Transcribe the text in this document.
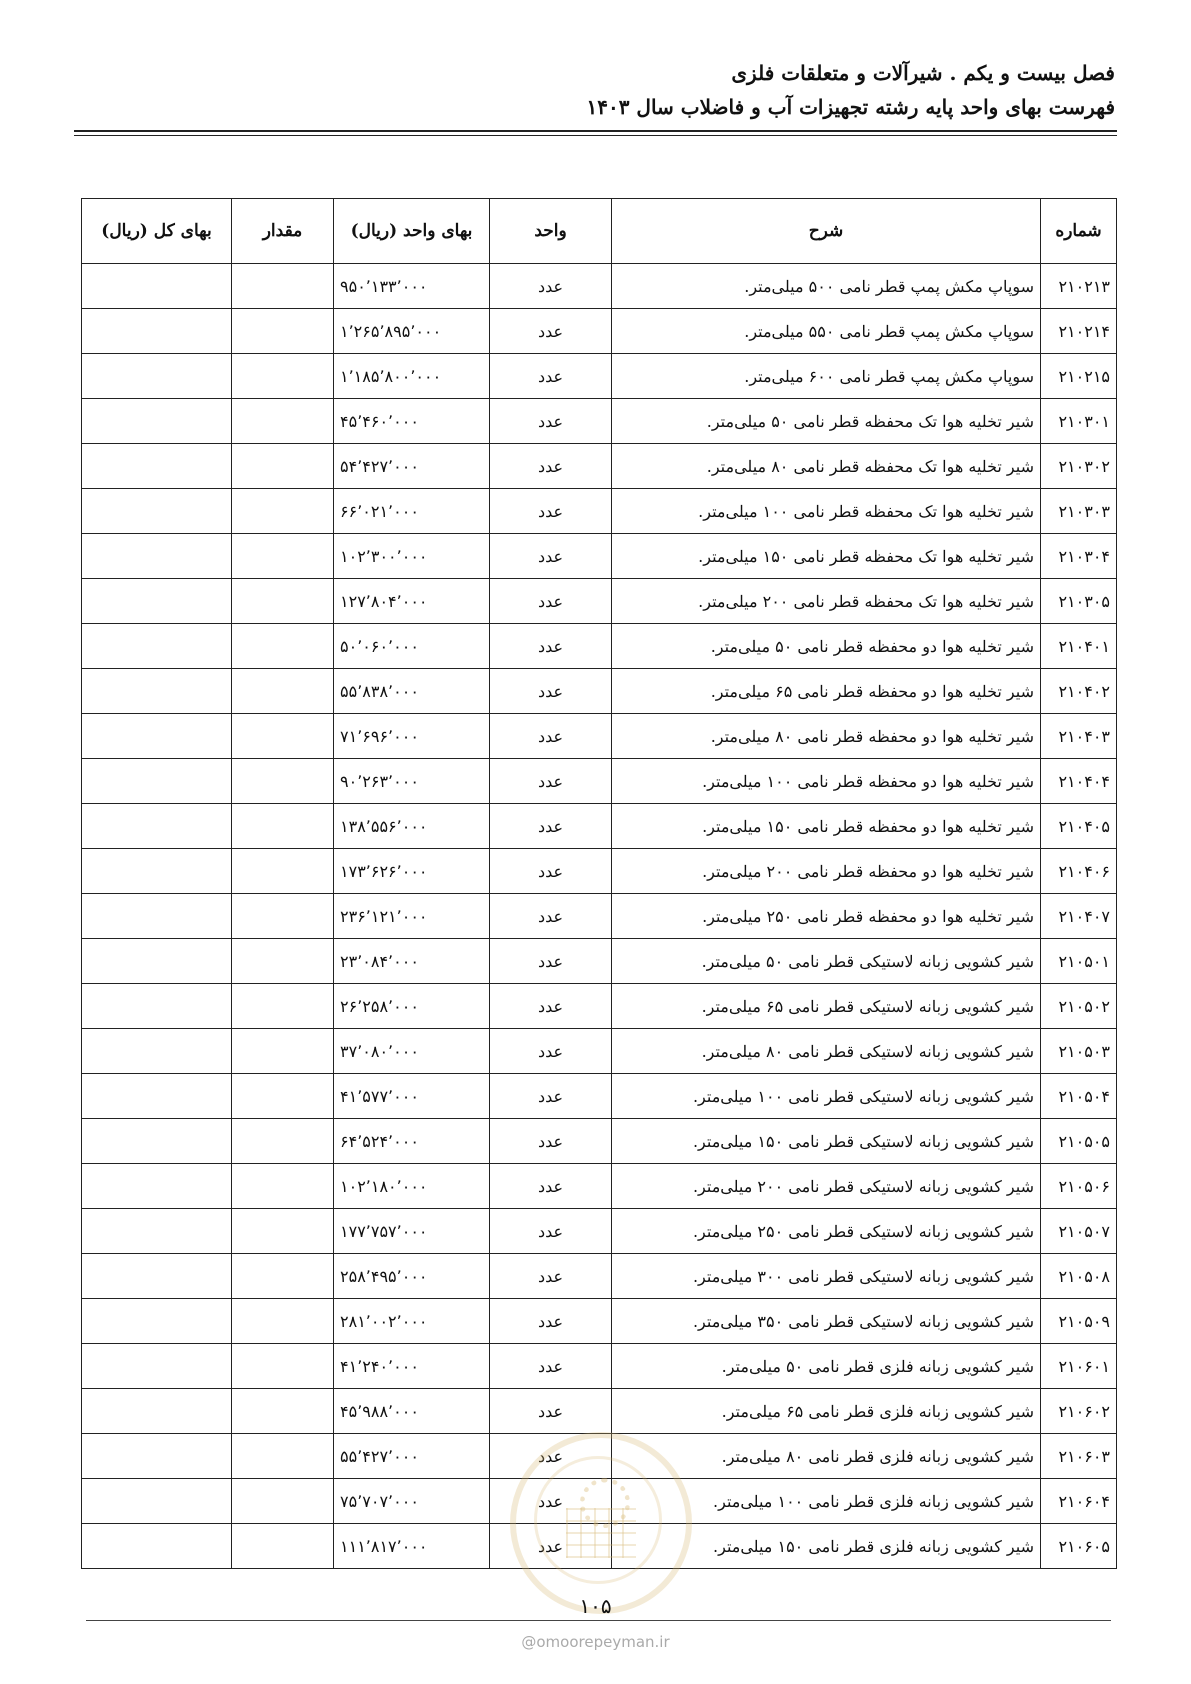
فصل بیست و یکم . شیرآلات و متعلقات فلزی
فهرست بهای واحد پایه رشته تجهیزات آب و فاضلاب سال ۱۴۰۳
شماره	شرح	واحد	بهای واحد (ریال)	مقدار	بهای کل (ریال)
۲۱۰۲۱۳	سوپاپ مکش پمپ قطر نامی ۵۰۰ میلی‌متر.	عدد	۹۵۰٬۱۳۳٬۰۰۰		
۲۱۰۲۱۴	سوپاپ مکش پمپ قطر نامی ۵۵۰ میلی‌متر.	عدد	۱٬۲۶۵٬۸۹۵٬۰۰۰		
۲۱۰۲۱۵	سوپاپ مکش پمپ قطر نامی ۶۰۰ میلی‌متر.	عدد	۱٬۱۸۵٬۸۰۰٬۰۰۰		
۲۱۰۳۰۱	شیر تخلیه هوا تک محفظه قطر نامی ۵۰ میلی‌متر.	عدد	۴۵٬۴۶۰٬۰۰۰		
۲۱۰۳۰۲	شیر تخلیه هوا تک محفظه قطر نامی ۸۰ میلی‌متر.	عدد	۵۴٬۴۲۷٬۰۰۰		
۲۱۰۳۰۳	شیر تخلیه هوا تک محفظه قطر نامی ۱۰۰ میلی‌متر.	عدد	۶۶٬۰۲۱٬۰۰۰		
۲۱۰۳۰۴	شیر تخلیه هوا تک محفظه قطر نامی ۱۵۰ میلی‌متر.	عدد	۱۰۲٬۳۰۰٬۰۰۰		
۲۱۰۳۰۵	شیر تخلیه هوا تک محفظه قطر نامی ۲۰۰ میلی‌متر.	عدد	۱۲۷٬۸۰۴٬۰۰۰		
۲۱۰۴۰۱	شیر تخلیه هوا دو محفظه قطر نامی ۵۰ میلی‌متر.	عدد	۵۰٬۰۶۰٬۰۰۰		
۲۱۰۴۰۲	شیر تخلیه هوا دو محفظه قطر نامی ۶۵ میلی‌متر.	عدد	۵۵٬۸۳۸٬۰۰۰		
۲۱۰۴۰۳	شیر تخلیه هوا دو محفظه قطر نامی ۸۰ میلی‌متر.	عدد	۷۱٬۶۹۶٬۰۰۰		
۲۱۰۴۰۴	شیر تخلیه هوا دو محفظه قطر نامی ۱۰۰ میلی‌متر.	عدد	۹۰٬۲۶۳٬۰۰۰		
۲۱۰۴۰۵	شیر تخلیه هوا دو محفظه قطر نامی ۱۵۰ میلی‌متر.	عدد	۱۳۸٬۵۵۶٬۰۰۰		
۲۱۰۴۰۶	شیر تخلیه هوا دو محفظه قطر نامی ۲۰۰ میلی‌متر.	عدد	۱۷۳٬۶۲۶٬۰۰۰		
۲۱۰۴۰۷	شیر تخلیه هوا دو محفظه قطر نامی ۲۵۰ میلی‌متر.	عدد	۲۳۶٬۱۲۱٬۰۰۰		
۲۱۰۵۰۱	شیر کشویی زبانه لاستیکی قطر نامی ۵۰ میلی‌متر.	عدد	۲۳٬۰۸۴٬۰۰۰		
۲۱۰۵۰۲	شیر کشویی زبانه لاستیکی قطر نامی ۶۵ میلی‌متر.	عدد	۲۶٬۲۵۸٬۰۰۰		
۲۱۰۵۰۳	شیر کشویی زبانه لاستیکی قطر نامی ۸۰ میلی‌متر.	عدد	۳۷٬۰۸۰٬۰۰۰		
۲۱۰۵۰۴	شیر کشویی زبانه لاستیکی قطر نامی ۱۰۰ میلی‌متر.	عدد	۴۱٬۵۷۷٬۰۰۰		
۲۱۰۵۰۵	شیر کشویی زبانه لاستیکی قطر نامی ۱۵۰ میلی‌متر.	عدد	۶۴٬۵۲۴٬۰۰۰		
۲۱۰۵۰۶	شیر کشویی زبانه لاستیکی قطر نامی ۲۰۰ میلی‌متر.	عدد	۱۰۲٬۱۸۰٬۰۰۰		
۲۱۰۵۰۷	شیر کشویی زبانه لاستیکی قطر نامی ۲۵۰ میلی‌متر.	عدد	۱۷۷٬۷۵۷٬۰۰۰		
۲۱۰۵۰۸	شیر کشویی زبانه لاستیکی قطر نامی ۳۰۰ میلی‌متر.	عدد	۲۵۸٬۴۹۵٬۰۰۰		
۲۱۰۵۰۹	شیر کشویی زبانه لاستیکی قطر نامی ۳۵۰ میلی‌متر.	عدد	۲۸۱٬۰۰۲٬۰۰۰		
۲۱۰۶۰۱	شیر کشویی زبانه فلزی قطر نامی ۵۰ میلی‌متر.	عدد	۴۱٬۲۴۰٬۰۰۰		
۲۱۰۶۰۲	شیر کشویی زبانه فلزی قطر نامی ۶۵ میلی‌متر.	عدد	۴۵٬۹۸۸٬۰۰۰		
۲۱۰۶۰۳	شیر کشویی زبانه فلزی قطر نامی ۸۰ میلی‌متر.	عدد	۵۵٬۴۲۷٬۰۰۰		
۲۱۰۶۰۴	شیر کشویی زبانه فلزی قطر نامی ۱۰۰ میلی‌متر.	عدد	۷۵٬۷۰۷٬۰۰۰		
۲۱۰۶۰۵	شیر کشویی زبانه فلزی قطر نامی ۱۵۰ میلی‌متر.	عدد	۱۱۱٬۸۱۷٬۰۰۰		
۱۰۵
@omoorepeyman.ir
